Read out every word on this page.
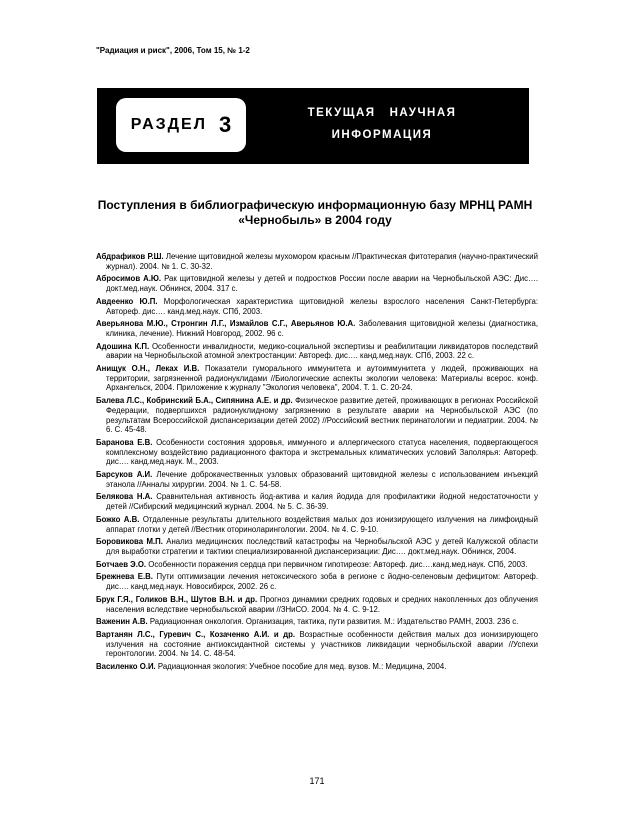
"Радиация и риск", 2006, Том 15, № 1-2
РАЗДЕЛ 3	ТЕКУЩАЯ   НАУЧНАЯ
ИНФОРМАЦИЯ
Поступления в библиографическую информационную базу МРНЦ РАМН
«Чернобыль» в 2004 году
Абдрафиков Р.Ш. Лечение щитовидной железы мухомором красным //Практическая фитотерапия (научно-практический журнал). 2004. № 1. С. 30-32.
Абросимов А.Ю. Рак щитовидной железы у детей и подростков России после аварии на Чернобыльской АЭС: Дис…. докт.мед.наук. Обнинск, 2004. 317 с.
Авдеенко Ю.П. Морфологическая характеристика щитовидной железы взрослого населения Санкт-Петербурга: Автореф. дис…. канд.мед.наук. СПб, 2003.
Аверьянова М.Ю., Стронгин Л.Г., Измайлов С.Г., Аверьянов Ю.А. Заболевания щитовидной железы (диагностика, клиника, лечение). Нижний Новгород, 2002. 96 с.
Адошина К.П. Особенности инвалидности, медико-социальной экспертизы и реабилитации ликвидаторов последствий аварии на Чернобыльской атомной электростанции: Автореф. дис…. канд.мед.наук. СПб, 2003. 22 с.
Анищук О.Н., Леках И.В. Показатели гуморального иммунитета и аутоиммунитета у людей, проживающих на территории, загрязненной радионуклидами //Биологические аспекты экологии человека: Материалы всерос. конф. Архангельск, 2004. Приложение к журналу "Экология человека", 2004. Т. 1. С. 20-24.
Балева Л.С., Кобринский Б.А., Сипянина А.Е. и др. Физическое развитие детей, проживающих в регионах Российской Федерации, подвергшихся радионуклидному загрязнению в результате аварии на Чернобыльской АЭС (по результатам Всероссийской диспансеризации детей 2002) //Российский вестник перинатологии и педиатрии. 2004. № 6. С. 45-48.
Баранова Е.В. Особенности состояния здоровья, иммунного и аллергического статуса населения, подвергающегося комплексному воздействию радиационного фактора и экстремальных климатических условий Заполярья: Автореф. дис…. канд.мед.наук. М., 2003.
Барсуков А.И. Лечение доброкачественных узловых образований щитовидной железы с использованием инъекций этанола //Анналы хирургии. 2004. № 1. С. 54-58.
Белякова Н.А. Сравнительная активность йод-актива и калия йодида для профилактики йодной недостаточности у детей //Сибирский медицинский журнал. 2004. № 5. С. 36-39.
Божко А.В. Отдаленные результаты длительного воздействия малых доз ионизирующего излучения на лимфоидный аппарат глотки у детей //Вестник оториноларингологии. 2004. № 4. С. 9-10.
Боровикова М.П. Анализ медицинских последствий катастрофы на Чернобыльской АЭС у детей Калужской области для выработки стратегии и тактики специализированной диспансеризации: Дис…. докт.мед.наук. Обнинск, 2004.
Ботчаев Э.О. Особенности поражения сердца при первичном гипотиреозе: Автореф. дис….канд.мед.наук. СПб, 2003.
Брежнева Е.В. Пути оптимизации лечения нетоксического зоба в регионе с йодно-селеновым дефицитом: Автореф. дис…. канд.мед.наук. Новосибирск, 2002. 26 с.
Брук Г.Я., Голиков В.Н., Шутов В.Н. и др. Прогноз динамики средних годовых и средних накопленных доз облучения населения вследствие чернобыльской аварии //ЗНиСО. 2004. № 4. С. 9-12.
Важенин А.В. Радиационная онкология. Организация, тактика, пути развития. М.: Издательство РАМН, 2003. 236 с.
Вартанян Л.С., Гуревич С., Козаченко А.И. и др. Возрастные особенности действия малых доз ионизирующего излучения на состояние антиоксидантной системы у участников ликвидации чернобыльской аварии //Успехи геронтологии. 2004. № 14. С. 48-54.
Василенко О.И. Радиационная экология: Учебное пособие для мед. вузов. М.: Медицина, 2004.
171
